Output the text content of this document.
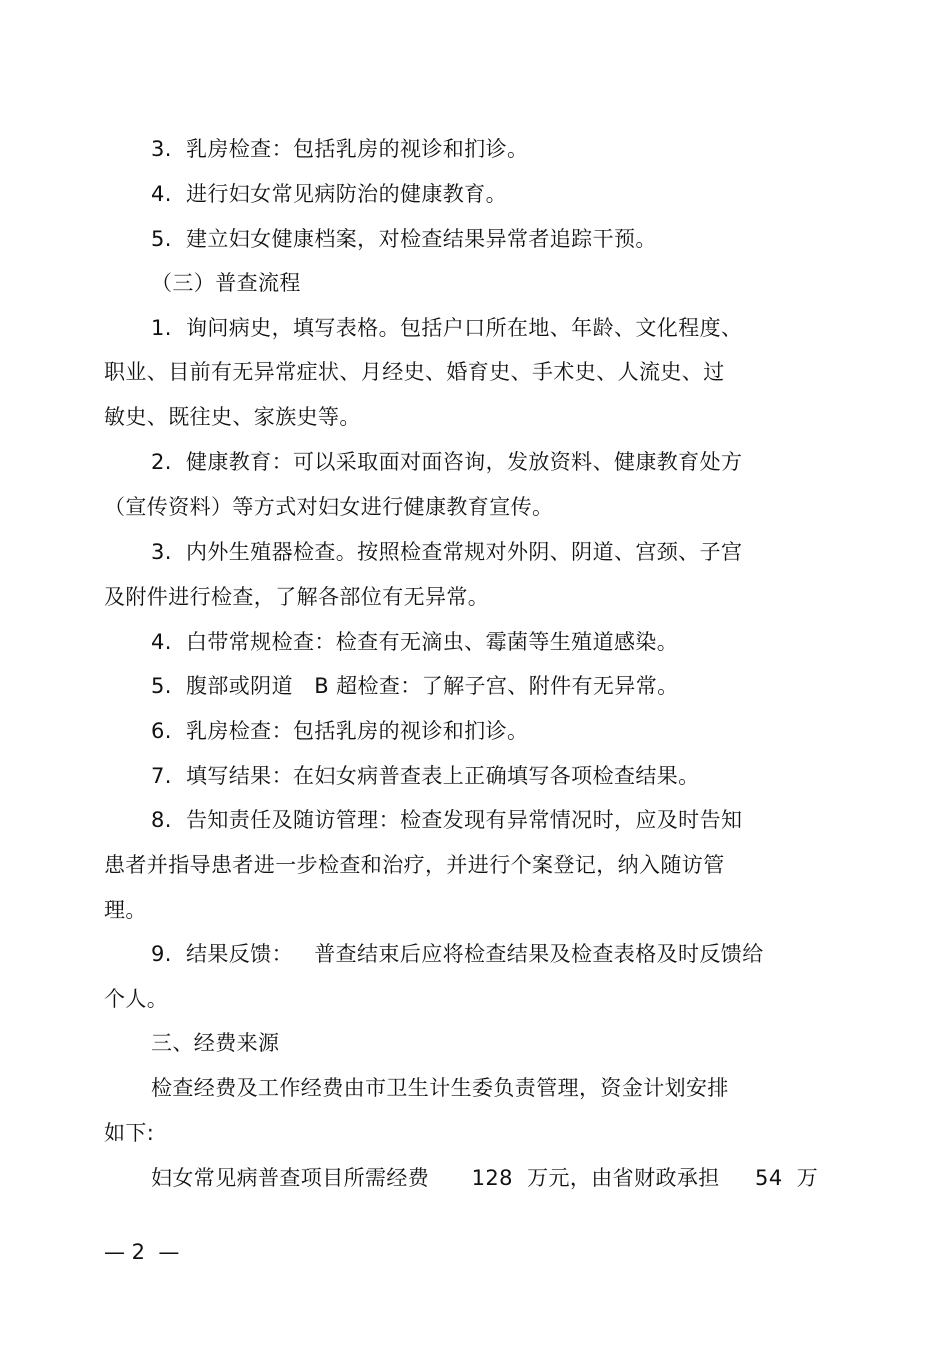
3.  乳房检查：包括乳房的视诊和扪诊。
4.  进行妇女常见病防治的健康教育。
5.  建立妇女健康档案，对检查结果异常者追踪干预。
（三）普查流程
1.  询问病史，填写表格。包括户口所在地、年龄、文化程度、
职业、目前有无异常症状、月经史、婚育史、手术史、人流史、过
敏史、既往史、家族史等。
2.  健康教育：可以采取面对面咨询，发放资料、健康教育处方
（宣传资料）等方式对妇女进行健康教育宣传。
3.  内外生殖器检查。按照检查常规对外阴、阴道、宫颈、子宫
及附件进行检查，了解各部位有无异常。
4.  白带常规检查：检查有无滴虫、霉菌等生殖道感染。
5.  腹部或阴道   B 超检查：了解子宫、附件有无异常。
6.  乳房检查：包括乳房的视诊和扪诊。
7.  填写结果：在妇女病普查表上正确填写各项检查结果。
8.  告知责任及随访管理：检查发现有异常情况时，应及时告知
患者并指导患者进一步检查和治疗，并进行个案登记，纳入随访管
理。
9.  结果反馈：   普查结束后应将检查结果及检查表格及时反馈给
个人。
三、经费来源
检查经费及工作经费由市卫生计生委负责管理，资金计划安排
如下:
妇女常见病普查项目所需经费      128  万元，由省财政承担     54  万
— 2  —
